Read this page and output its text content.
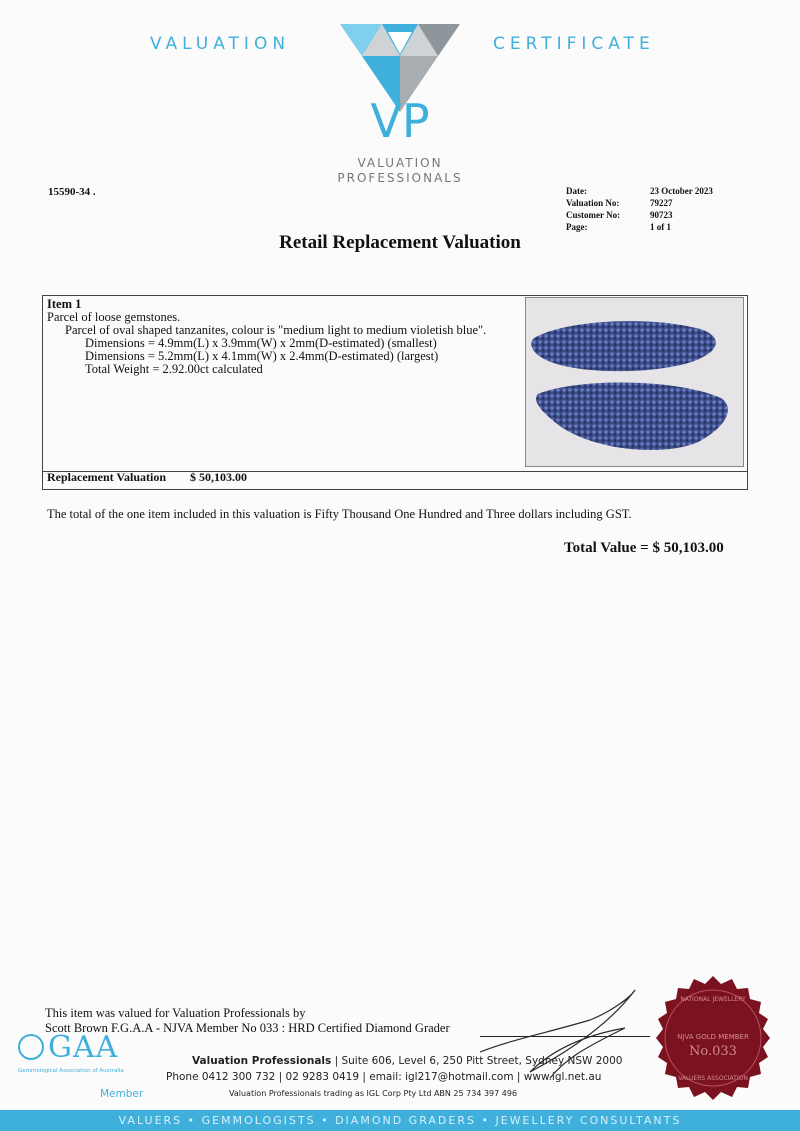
VALUATION	CERTIFICATE
VP
VALUATION
PROFESSIONALS
15590-34 .	Date:	23 October 2023
Valuation No:	79227
Customer No:	90723
Page:	1 of 1
Retail Replacement Valuation
Item 1
Parcel of loose gemstones.
Parcel of oval shaped tanzanites, colour is "medium light to medium violetish blue".
Dimensions = 4.9mm(L) x 3.9mm(W) x 2mm(D-estimated) (smallest)
Dimensions = 5.2mm(L) x 4.1mm(W) x 2.4mm(D-estimated) (largest)
Total Weight = 2.92.00ct calculated
Replacement Valuation $ 50,103.00
The total of the one item included in this valuation is Fifty Thousand One Hundred and Three dollars including GST.
Total Value = $ 50,103.00
This item was valued for Valuation Professionals by
Scott Brown F.G.A.A - NJVA Member No 033 : HRD Certified Diamond Grader
GAA
Gemmological Association of Australia
Member
Valuation Professionals | Suite 606, Level 6, 250 Pitt Street, Sydney NSW 2000
Phone 0412 300 732 | 02 9283 0419 | email: igl217@hotmail.com | www.igl.net.au
Valuation Professionals trading as IGL Corp Pty Ltd ABN 25 734 397 496
NATIONAL JEWELLERY
NJVA GOLD MEMBER
No.033
VALUERS ASSOCIATION
VALUERS • GEMMOLOGISTS • DIAMOND GRADERS • JEWELLERY CONSULTANTS
